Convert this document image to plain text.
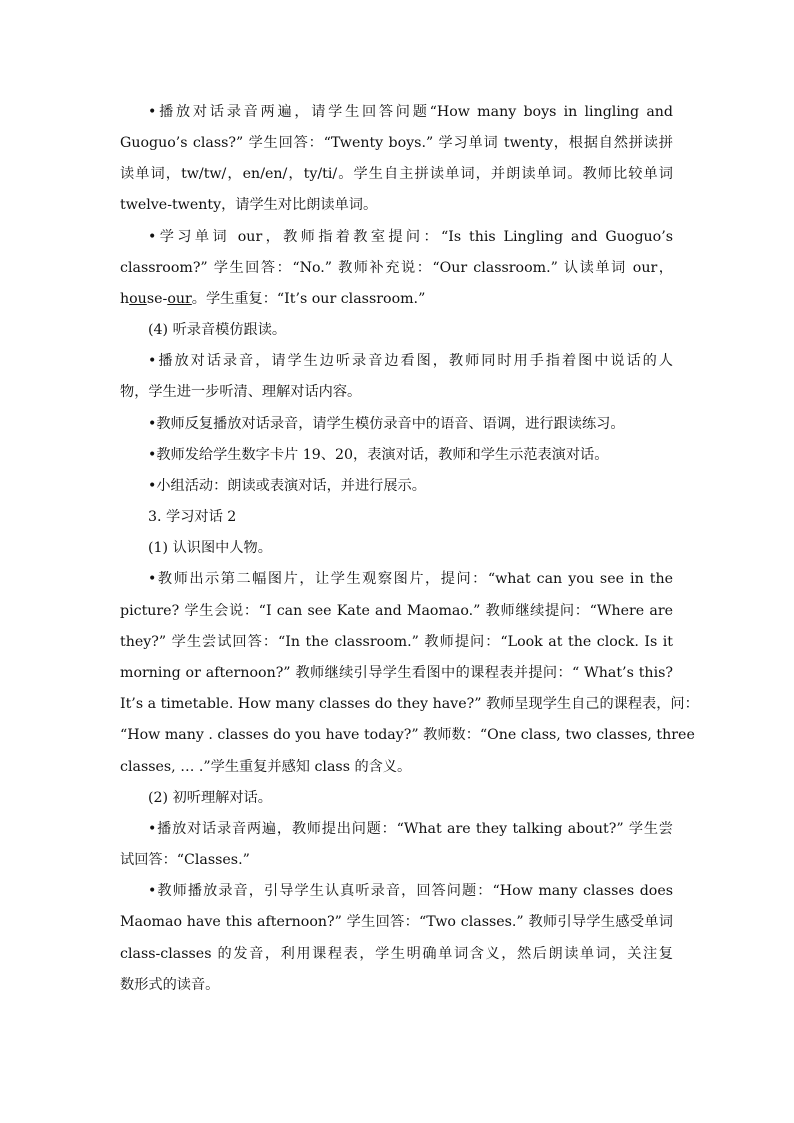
•播放对话录音两遍，请学生回答问题“How many boys in lingling and
Guoguo’s class?” 学生回答：“Twenty boys.” 学习单词 twenty，根据自然拼读拼
读单词，tw/tw/，en/en/，ty/ti/。学生自主拼读单词，并朗读单词。教师比较单词
twelve-twenty，请学生对比朗读单词。
•学习单词 our，教师指着教室提问：“Is this Lingling and Guoguo’s
classroom?” 学生回答：“No.” 教师补充说：“Our classroom.” 认读单词 our，
house-our。学生重复：“It’s our classroom.”
(4) 听录音模仿跟读。
•播放对话录音，请学生边听录音边看图，教师同时用手指着图中说话的人
物，学生进一步听清、理解对话内容。
•教师反复播放对话录音，请学生模仿录音中的语音、语调，进行跟读练习。
•教师发给学生数字卡片 19、20，表演对话，教师和学生示范表演对话。
•小组活动：朗读或表演对话，并进行展示。
3. 学习对话 2
(1) 认识图中人物。
•教师出示第二幅图片，让学生观察图片，提问：“what can you see in the
picture? 学生会说：“I can see Kate and Maomao.” 教师继续提问：“Where are
they?” 学生尝试回答：“In the classroom.” 教师提问：“Look at the clock. Is it
morning or afternoon?” 教师继续引导学生看图中的课程表并提问：“ What’s this?
It’s a timetable. How many classes do they have?” 教师呈现学生自己的课程表，问：
“How many . classes do you have today?” 教师数：“One class, two classes, three
classes, … .”学生重复并感知 class 的含义。
(2) 初听理解对话。
•播放对话录音两遍，教师提出问题：“What are they talking about?” 学生尝
试回答：“Classes.”
•教师播放录音，引导学生认真听录音，回答问题：“How many classes does
Maomao have this afternoon?” 学生回答：“Two classes.” 教师引导学生感受单词
class-classes 的发音，利用课程表，学生明确单词含义，然后朗读单词，关注复
数形式的读音。
